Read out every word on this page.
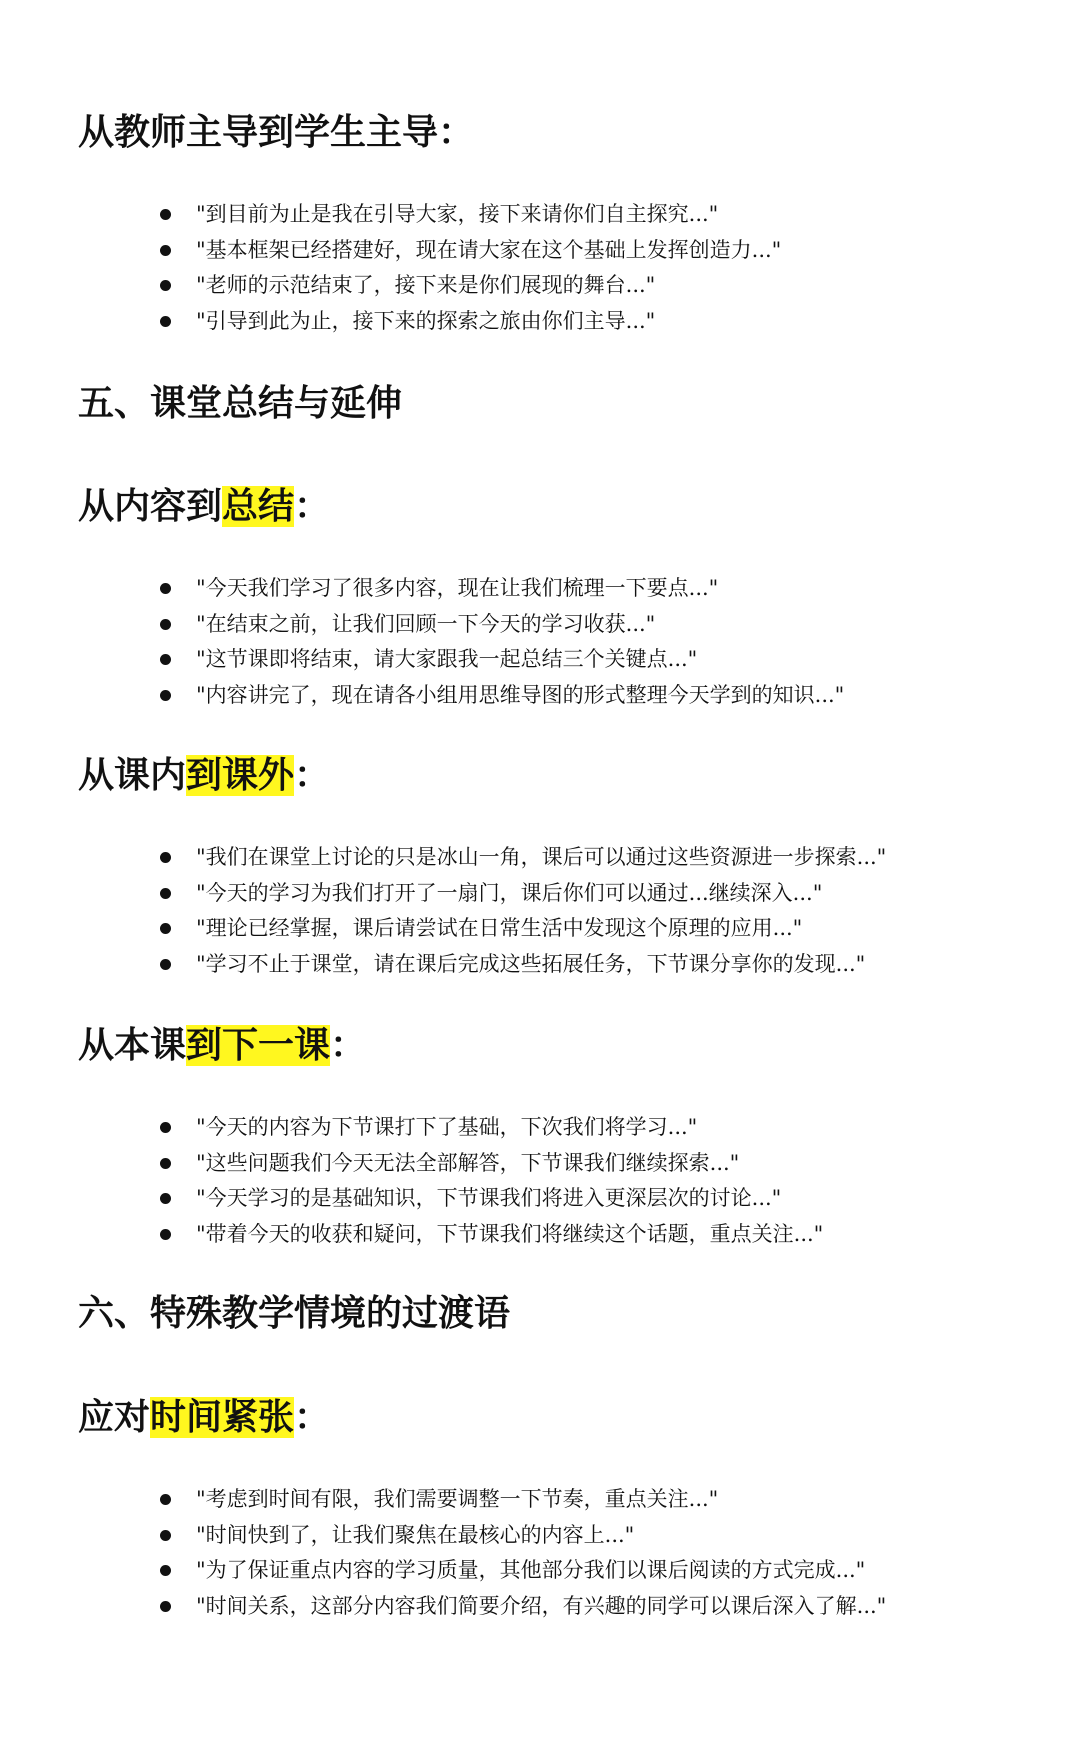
从教师主导到学生主导：
"到目前为止是我在引导大家，接下来请你们自主探究..."
"基本框架已经搭建好，现在请大家在这个基础上发挥创造力..."
"老师的示范结束了，接下来是你们展现的舞台..."
"引导到此为止，接下来的探索之旅由你们主导..."
五、课堂总结与延伸
从内容到总结：
"今天我们学习了很多内容，现在让我们梳理一下要点..."
"在结束之前，让我们回顾一下今天的学习收获..."
"这节课即将结束，请大家跟我一起总结三个关键点..."
"内容讲完了，现在请各小组用思维导图的形式整理今天学到的知识..."
从课内到课外：
"我们在课堂上讨论的只是冰山一角，课后可以通过这些资源进一步探索..."
"今天的学习为我们打开了一扇门，课后你们可以通过...继续深入..."
"理论已经掌握，课后请尝试在日常生活中发现这个原理的应用..."
"学习不止于课堂，请在课后完成这些拓展任务，下节课分享你的发现..."
从本课到下一课：
"今天的内容为下节课打下了基础，下次我们将学习..."
"这些问题我们今天无法全部解答，下节课我们继续探索..."
"今天学习的是基础知识，下节课我们将进入更深层次的讨论..."
"带着今天的收获和疑问，下节课我们将继续这个话题，重点关注..."
六、特殊教学情境的过渡语
应对时间紧张：
"考虑到时间有限，我们需要调整一下节奏，重点关注..."
"时间快到了，让我们聚焦在最核心的内容上..."
"为了保证重点内容的学习质量，其他部分我们以课后阅读的方式完成..."
"时间关系，这部分内容我们简要介绍，有兴趣的同学可以课后深入了解..."
